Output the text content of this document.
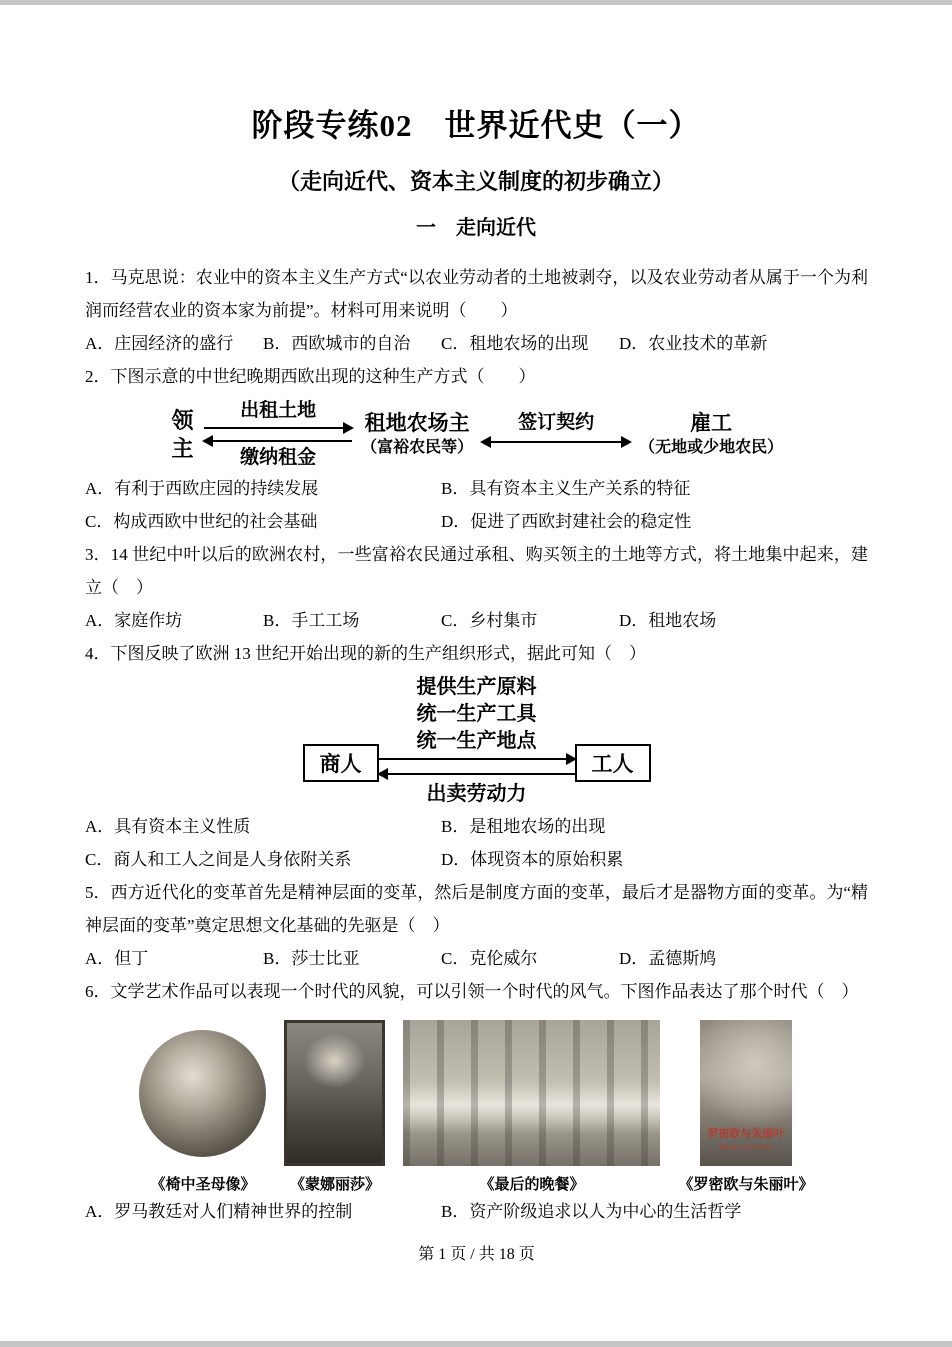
阶段专练02　世界近代史（一）
（走向近代、资本主义制度的初步确立）
一　走向近代

1．马克思说：农业中的资本主义生产方式“以农业劳动者的土地被剥夺，以及农业劳动者从属于一个为利润而经营农业的资本家为前提”。材料可用来说明（　　）

A．庄园经济的盛行	B．西欧城市的自治	C．租地农场的出现	D．农业技术的革新

2．下图示意的中世纪晚期西欧出现的这种生产方式（　　）

领主
出租土地
缴纳租金
租地农场主
（富裕农民等）
签订契约	雇工
（无地或少地农民）
A．有利于西欧庄园的持续发展	B．具有资本主义生产关系的特征
C．构成西欧中世纪的社会基础	D．促进了西欧封建社会的稳定性

3．14 世纪中叶以后的欧洲农村，一些富裕农民通过承租、购买领主的土地等方式，将土地集中起来，建立（　）

A．家庭作坊	B．手工工场	C．乡村集市	D．租地农场

4．下图反映了欧洲 13 世纪开始出现的新的生产组织形式，据此可知（　）

商人
提供生产原料
统一生产工具
统一生产地点
出卖劳动力
工人
A．具有资本主义性质	B．是租地农场的出现
C．商人和工人之间是人身依附关系	D．体现资本的原始积累

5．西方近代化的变革首先是精神层面的变革，然后是制度方面的变革，最后才是器物方面的变革。为“精神层面的变革”奠定思想文化基础的先驱是（　）

A．但丁	B．莎士比亚	C．克伦威尔	D．孟德斯鸠

6．文学艺术作品可以表现一个时代的风貌，可以引领一个时代的风气。下图作品表达了那个时代（　）

《椅中圣母像》 《蒙娜丽莎》	《最后的晚餐》
罗密欧与朱丽叶
Romeo and Juliet
《罗密欧与朱丽叶》
A．罗马教廷对人们精神世界的控制	B．资产阶级追求以人为中心的生活哲学
第 1 页 / 共 18 页
